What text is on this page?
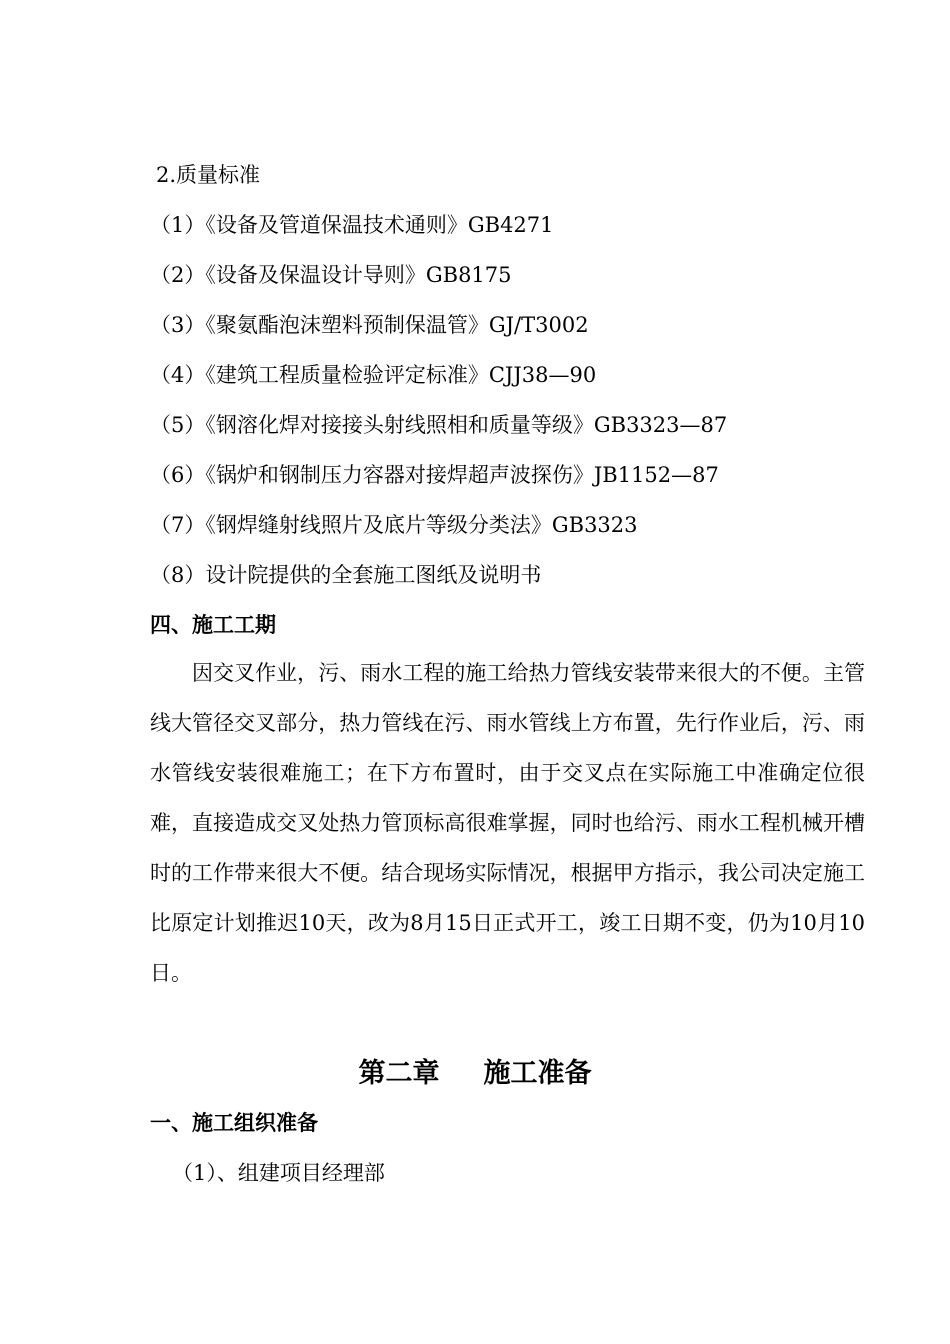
2.质量标准
（1）《设备及管道保温技术通则》GB4271
（2）《设备及保温设计导则》GB8175
（3）《聚氨酯泡沫塑料预制保温管》GJ/T3002
（4）《建筑工程质量检验评定标准》CJJ38—90
（5）《钢溶化焊对接接头射线照相和质量等级》GB3323—87
（6）《锅炉和钢制压力容器对接焊超声波探伤》JB1152—87
（7）《钢焊缝射线照片及底片等级分类法》GB3323
（8）设计院提供的全套施工图纸及说明书
四、施工工期
因交叉作业，污、雨水工程的施工给热力管线安装带来很大的不便。主管线大管径交叉部分，热力管线在污、雨水管线上方布置，先行作业后，污、雨水管线安装很难施工；在下方布置时，由于交叉点在实际施工中准确定位很难，直接造成交叉处热力管顶标高很难掌握，同时也给污、雨水工程机械开槽时的工作带来很大不便。结合现场实际情况，根据甲方指示，我公司决定施工比原定计划推迟10天，改为8月15日正式开工，竣工日期不变，仍为10月10日。
第二章 施工准备
一、施工组织准备
（1）、组建项目经理部
